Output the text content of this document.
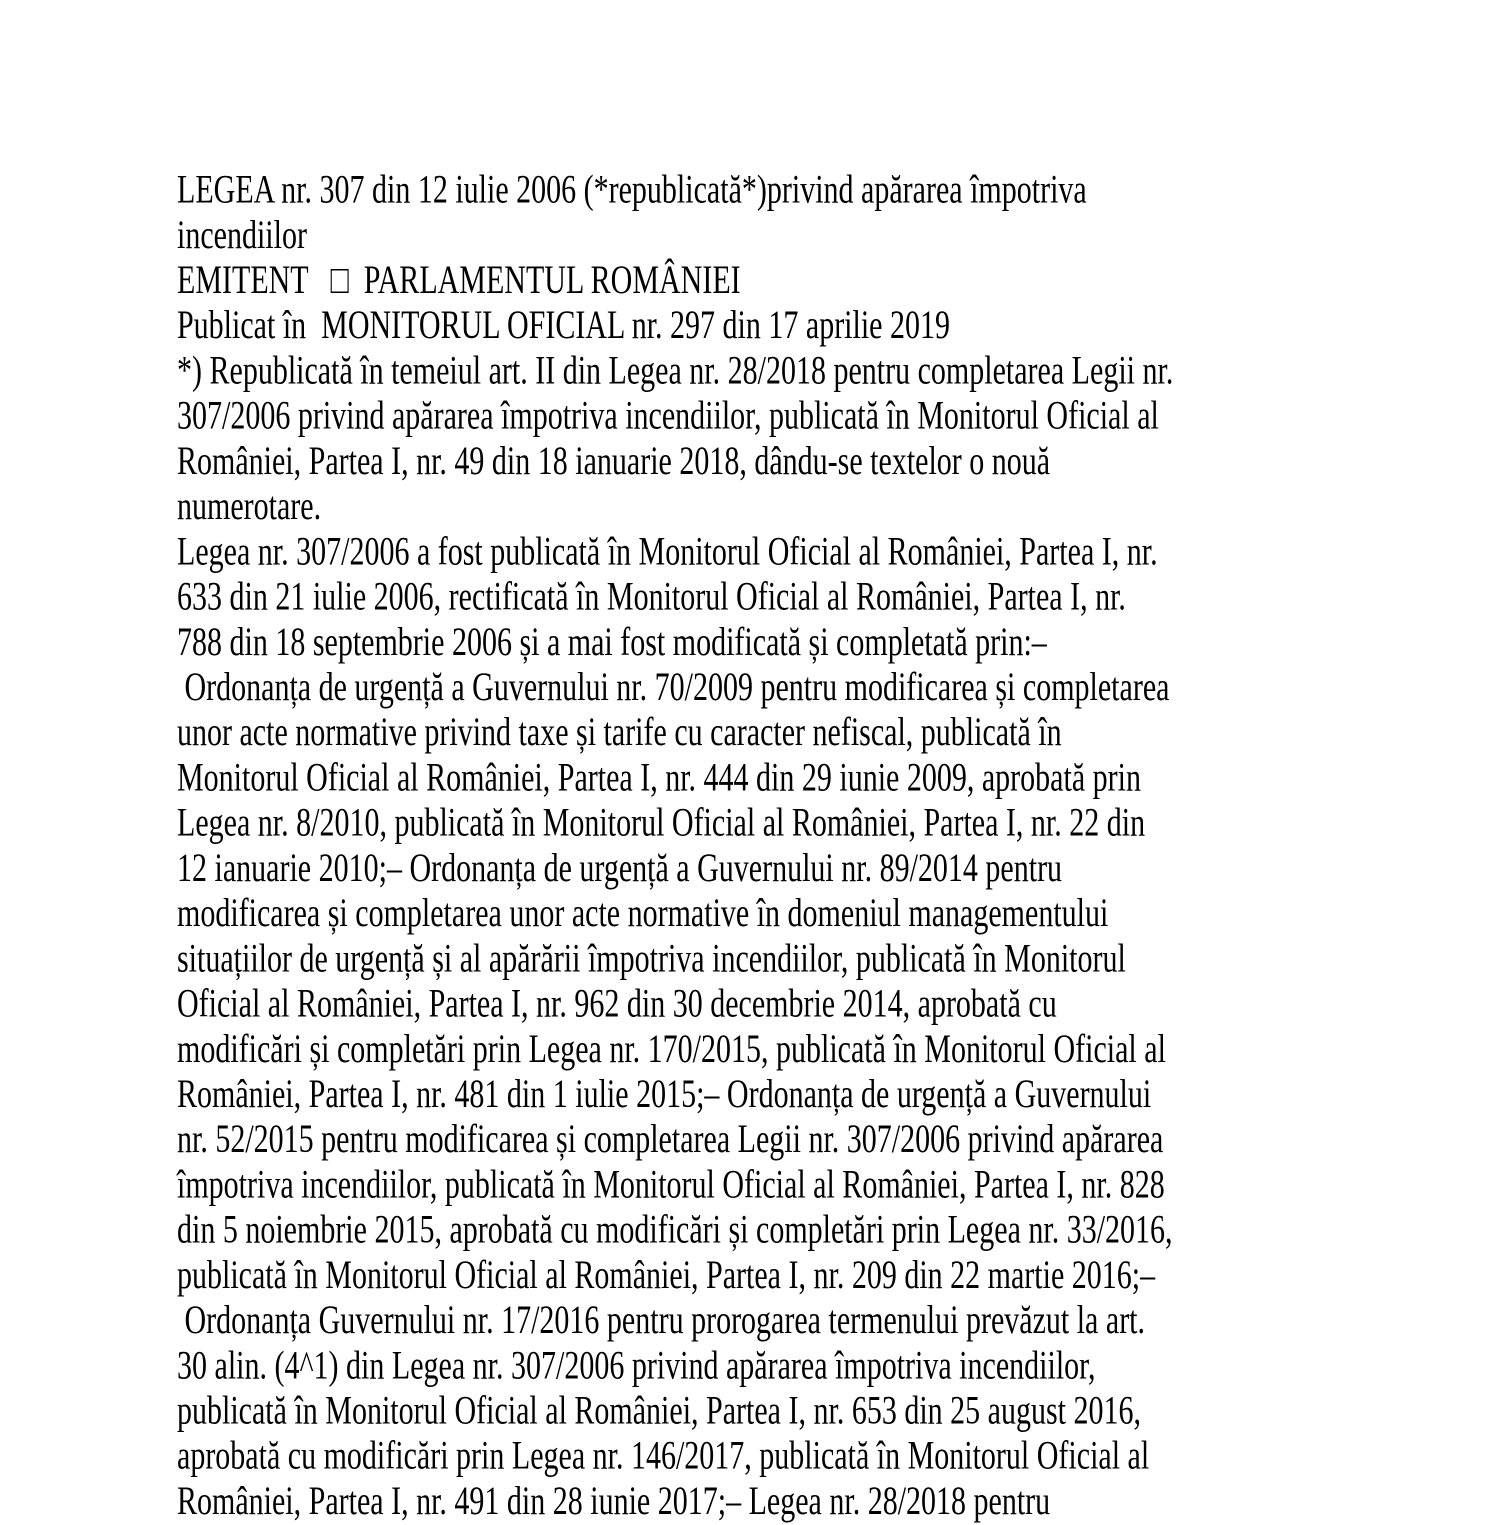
LEGEA nr. 307 din 12 iulie 2006 (*republicată*)privind apărarea împotriva
incendiilor
EMITENT   □  PARLAMENTUL ROMÂNIEI
Publicat în  MONITORUL OFICIAL nr. 297 din 17 aprilie 2019
*) Republicată în temeiul art. II din Legea nr. 28/2018 pentru completarea Legii nr.
307/2006 privind apărarea împotriva incendiilor, publicată în Monitorul Oficial al
României, Partea I, nr. 49 din 18 ianuarie 2018, dându-se textelor o nouă
numerotare.
Legea nr. 307/2006 a fost publicată în Monitorul Oficial al României, Partea I, nr.
633 din 21 iulie 2006, rectificată în Monitorul Oficial al României, Partea I, nr.
788 din 18 septembrie 2006 și a mai fost modificată și completată prin:–
Ordonanța de urgență a Guvernului nr. 70/2009 pentru modificarea și completarea
unor acte normative privind taxe și tarife cu caracter nefiscal, publicată în
Monitorul Oficial al României, Partea I, nr. 444 din 29 iunie 2009, aprobată prin
Legea nr. 8/2010, publicată în Monitorul Oficial al României, Partea I, nr. 22 din
12 ianuarie 2010;– Ordonanța de urgență a Guvernului nr. 89/2014 pentru
modificarea și completarea unor acte normative în domeniul managementului
situațiilor de urgență și al apărării împotriva incendiilor, publicată în Monitorul
Oficial al României, Partea I, nr. 962 din 30 decembrie 2014, aprobată cu
modificări și completări prin Legea nr. 170/2015, publicată în Monitorul Oficial al
României, Partea I, nr. 481 din 1 iulie 2015;– Ordonanța de urgență a Guvernului
nr. 52/2015 pentru modificarea și completarea Legii nr. 307/2006 privind apărarea
împotriva incendiilor, publicată în Monitorul Oficial al României, Partea I, nr. 828
din 5 noiembrie 2015, aprobată cu modificări și completări prin Legea nr. 33/2016,
publicată în Monitorul Oficial al României, Partea I, nr. 209 din 22 martie 2016;–
Ordonanța Guvernului nr. 17/2016 pentru prorogarea termenului prevăzut la art.
30 alin. (4^1) din Legea nr. 307/2006 privind apărarea împotriva incendiilor,
publicată în Monitorul Oficial al României, Partea I, nr. 653 din 25 august 2016,
aprobată cu modificări prin Legea nr. 146/2017, publicată în Monitorul Oficial al
României, Partea I, nr. 491 din 28 iunie 2017;– Legea nr. 28/2018 pentru
